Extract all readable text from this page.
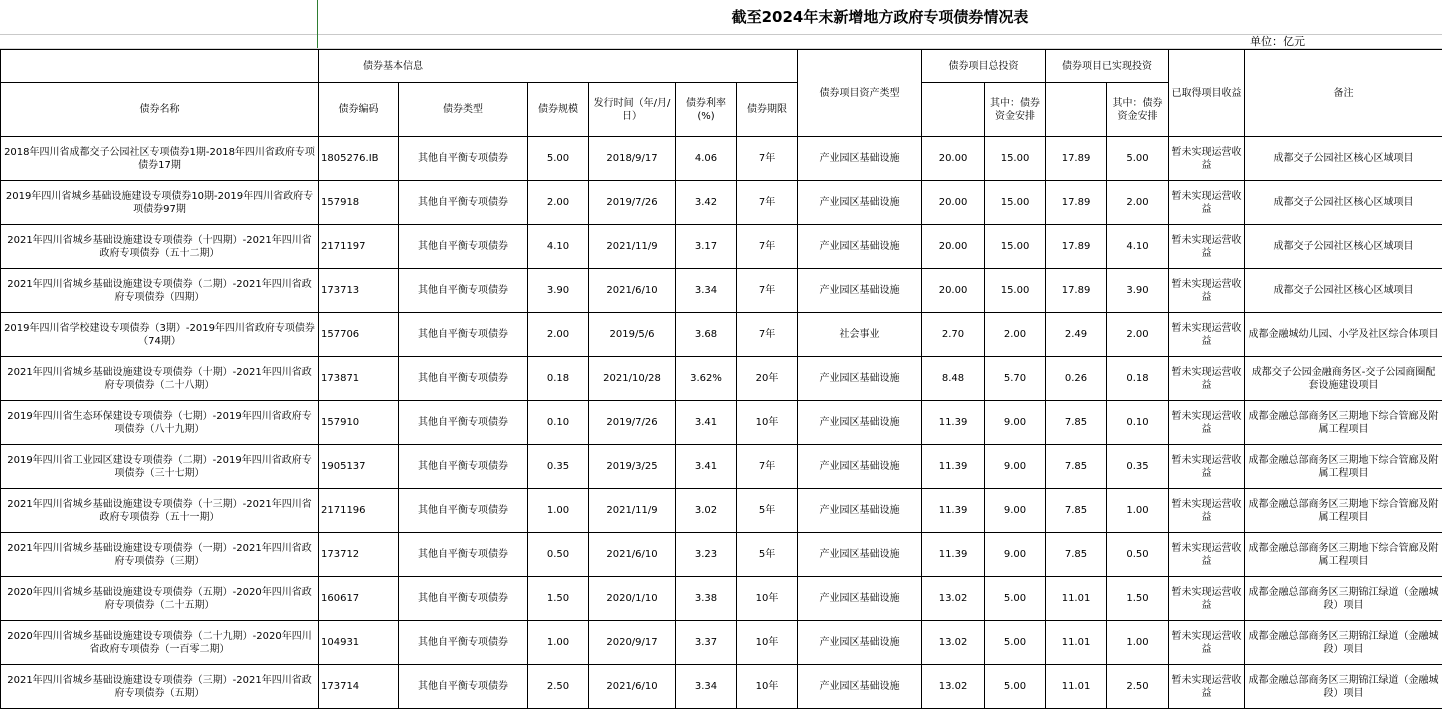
截至2024年末新增地方政府专项债券情况表
单位：亿元
	债券基本信息						债券项目资产类型	债券项目总投资		债券项目已实现投资		已取得项目收益	备注
债券名称	债券编码	债券类型	债券规模	发行时间（年/月/日）	债券利率(%)	债券期限			其中：债券资金安排		其中：债券资金安排		
2018年四川省成都交子公园社区专项债券1期-2018年四川省政府专项债券17期	1805276.IB	其他自平衡专项债券	5.00	2018/9/17	4.06	7年	产业园区基础设施	20.00	15.00	17.89	5.00	暂未实现运营收益	成都交子公园社区核心区域项目
2019年四川省城乡基础设施建设专项债券10期-2019年四川省政府专项债券97期	157918	其他自平衡专项债券	2.00	2019/7/26	3.42	7年	产业园区基础设施	20.00	15.00	17.89	2.00	暂未实现运营收益	成都交子公园社区核心区域项目
2021年四川省城乡基础设施建设专项债券（十四期）-2021年四川省政府专项债券（五十二期）	2171197	其他自平衡专项债券	4.10	2021/11/9	3.17	7年	产业园区基础设施	20.00	15.00	17.89	4.10	暂未实现运营收益	成都交子公园社区核心区域项目
2021年四川省城乡基础设施建设专项债券（二期）-2021年四川省政府专项债券（四期）	173713	其他自平衡专项债券	3.90	2021/6/10	3.34	7年	产业园区基础设施	20.00	15.00	17.89	3.90	暂未实现运营收益	成都交子公园社区核心区域项目
2019年四川省学校建设专项债券（3期）-2019年四川省政府专项债券（74期）	157706	其他自平衡专项债券	2.00	2019/5/6	3.68	7年	社会事业	2.70	2.00	2.49	2.00	暂未实现运营收益	成都金融城幼儿园、小学及社区综合体项目
2021年四川省城乡基础设施建设专项债券（十期）-2021年四川省政府专项债券（二十八期）	173871	其他自平衡专项债券	0.18	2021/10/28	3.62%	20年	产业园区基础设施	8.48	5.70	0.26	0.18	暂未实现运营收益	成都交子公园金融商务区-交子公园商圈配套设施建设项目
2019年四川省生态环保建设专项债券（七期）-2019年四川省政府专项债券（八十九期）	157910	其他自平衡专项债券	0.10	2019/7/26	3.41	10年	产业园区基础设施	11.39	9.00	7.85	0.10	暂未实现运营收益	成都金融总部商务区三期地下综合管廊及附属工程项目
2019年四川省工业园区建设专项债券（二期）-2019年四川省政府专项债券（三十七期）	1905137	其他自平衡专项债券	0.35	2019/3/25	3.41	7年	产业园区基础设施	11.39	9.00	7.85	0.35	暂未实现运营收益	成都金融总部商务区三期地下综合管廊及附属工程项目
2021年四川省城乡基础设施建设专项债券（十三期）-2021年四川省政府专项债券（五十一期）	2171196	其他自平衡专项债券	1.00	2021/11/9	3.02	5年	产业园区基础设施	11.39	9.00	7.85	1.00	暂未实现运营收益	成都金融总部商务区三期地下综合管廊及附属工程项目
2021年四川省城乡基础设施建设专项债券（一期）-2021年四川省政府专项债券（三期）	173712	其他自平衡专项债券	0.50	2021/6/10	3.23	5年	产业园区基础设施	11.39	9.00	7.85	0.50	暂未实现运营收益	成都金融总部商务区三期地下综合管廊及附属工程项目
2020年四川省城乡基础设施建设专项债券（五期）-2020年四川省政府专项债券（二十五期）	160617	其他自平衡专项债券	1.50	2020/1/10	3.38	10年	产业园区基础设施	13.02	5.00	11.01	1.50	暂未实现运营收益	成都金融总部商务区三期锦江绿道（金融城段）项目
2020年四川省城乡基础设施建设专项债券（二十九期）-2020年四川省政府专项债券（一百零二期）	104931	其他自平衡专项债券	1.00	2020/9/17	3.37	10年	产业园区基础设施	13.02	5.00	11.01	1.00	暂未实现运营收益	成都金融总部商务区三期锦江绿道（金融城段）项目
2021年四川省城乡基础设施建设专项债券（三期）-2021年四川省政府专项债券（五期）	173714	其他自平衡专项债券	2.50	2021/6/10	3.34	10年	产业园区基础设施	13.02	5.00	11.01	2.50	暂未实现运营收益	成都金融总部商务区三期锦江绿道（金融城段）项目
